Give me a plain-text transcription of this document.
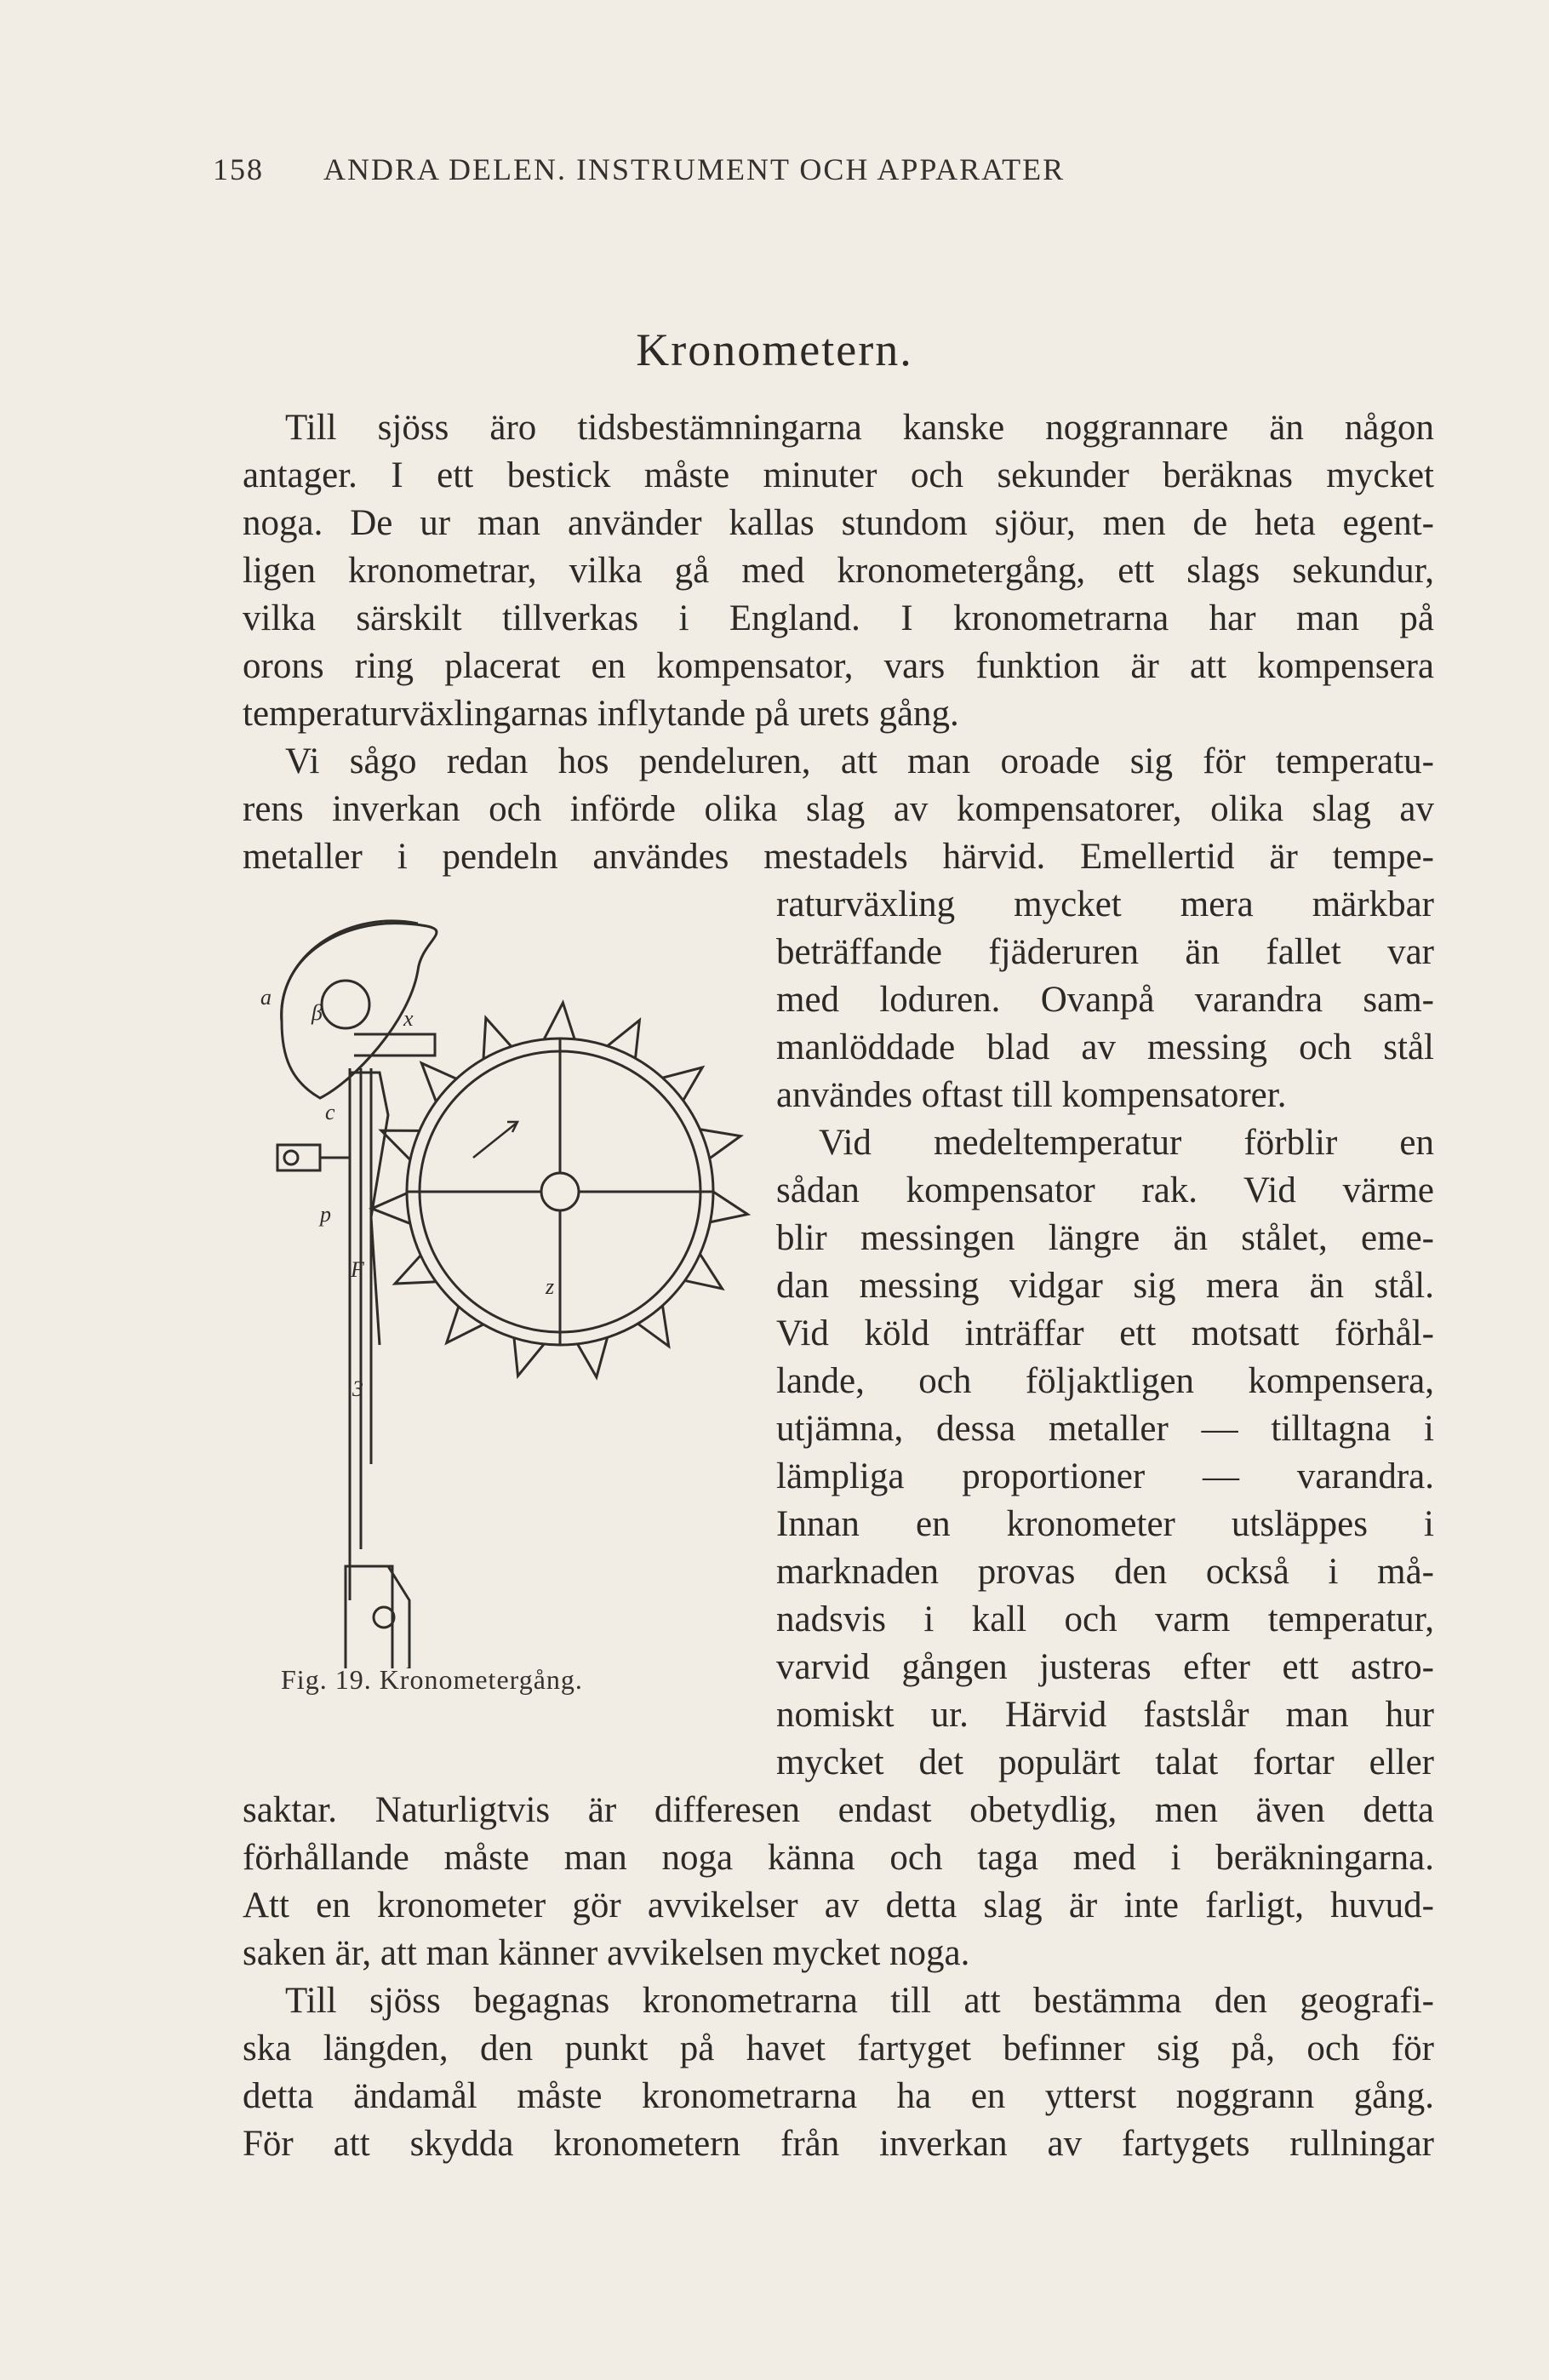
158 ANDRA DELEN. INSTRUMENT OCH APPARATER
Kronometern.
Till sjöss äro tidsbestämningarna kanske noggrannare än någon
antager. I ett bestick måste minuter och sekunder beräknas mycket
noga. De ur man använder kallas stundom sjöur, men de heta egent-
ligen kronometrar, vilka gå med kronometergång, ett slags sekundur,
vilka särskilt tillverkas i England. I kronometrarna har man på
orons ring placerat en kompensator, vars funktion är att kompensera
temperaturväxlingarnas inflytande på urets gång.
Vi sågo redan hos pendeluren, att man oroade sig för temperatu-
rens inverkan och införde olika slag av kompensatorer, olika slag av
metaller i pendeln användes mestadels härvid. Emellertid är tempe-
raturväxling mycket mera märkbar
beträffande fjäderuren än fallet var
med loduren. Ovanpå varandra sam-
manlöddade blad av messing och stål
användes oftast till kompensatorer.
Vid medeltemperatur förblir en
sådan kompensator rak. Vid värme
blir messingen längre än stålet, eme-
dan messing vidgar sig mera än stål.
Vid köld inträffar ett motsatt förhål-
lande, och följaktligen kompensera,
utjämna, dessa metaller — tilltagna i
lämpliga proportioner — varandra.
Innan en kronometer utsläppes i
marknaden provas den också i må-
nadsvis i kall och varm temperatur,
varvid gången justeras efter ett astro-
nomiskt ur. Härvid fastslår man hur
mycket det populärt talat fortar eller
saktar. Naturligtvis är differesen endast obetydlig, men även detta
förhållande måste man noga känna och taga med i beräkningarna.
Att en kronometer gör avvikelser av detta slag är inte farligt, huvud-
saken är, att man känner avvikelsen mycket noga.
Till sjöss begagnas kronometrarna till att bestämma den geografi-
ska längden, den punkt på havet fartyget befinner sig på, och för
detta ändamål måste kronometrarna ha en ytterst noggrann gång.
För att skydda kronometern från inverkan av fartygets rullningar
a
β	x
c
p
F
z
3
Fig. 19. Kronometergång.
